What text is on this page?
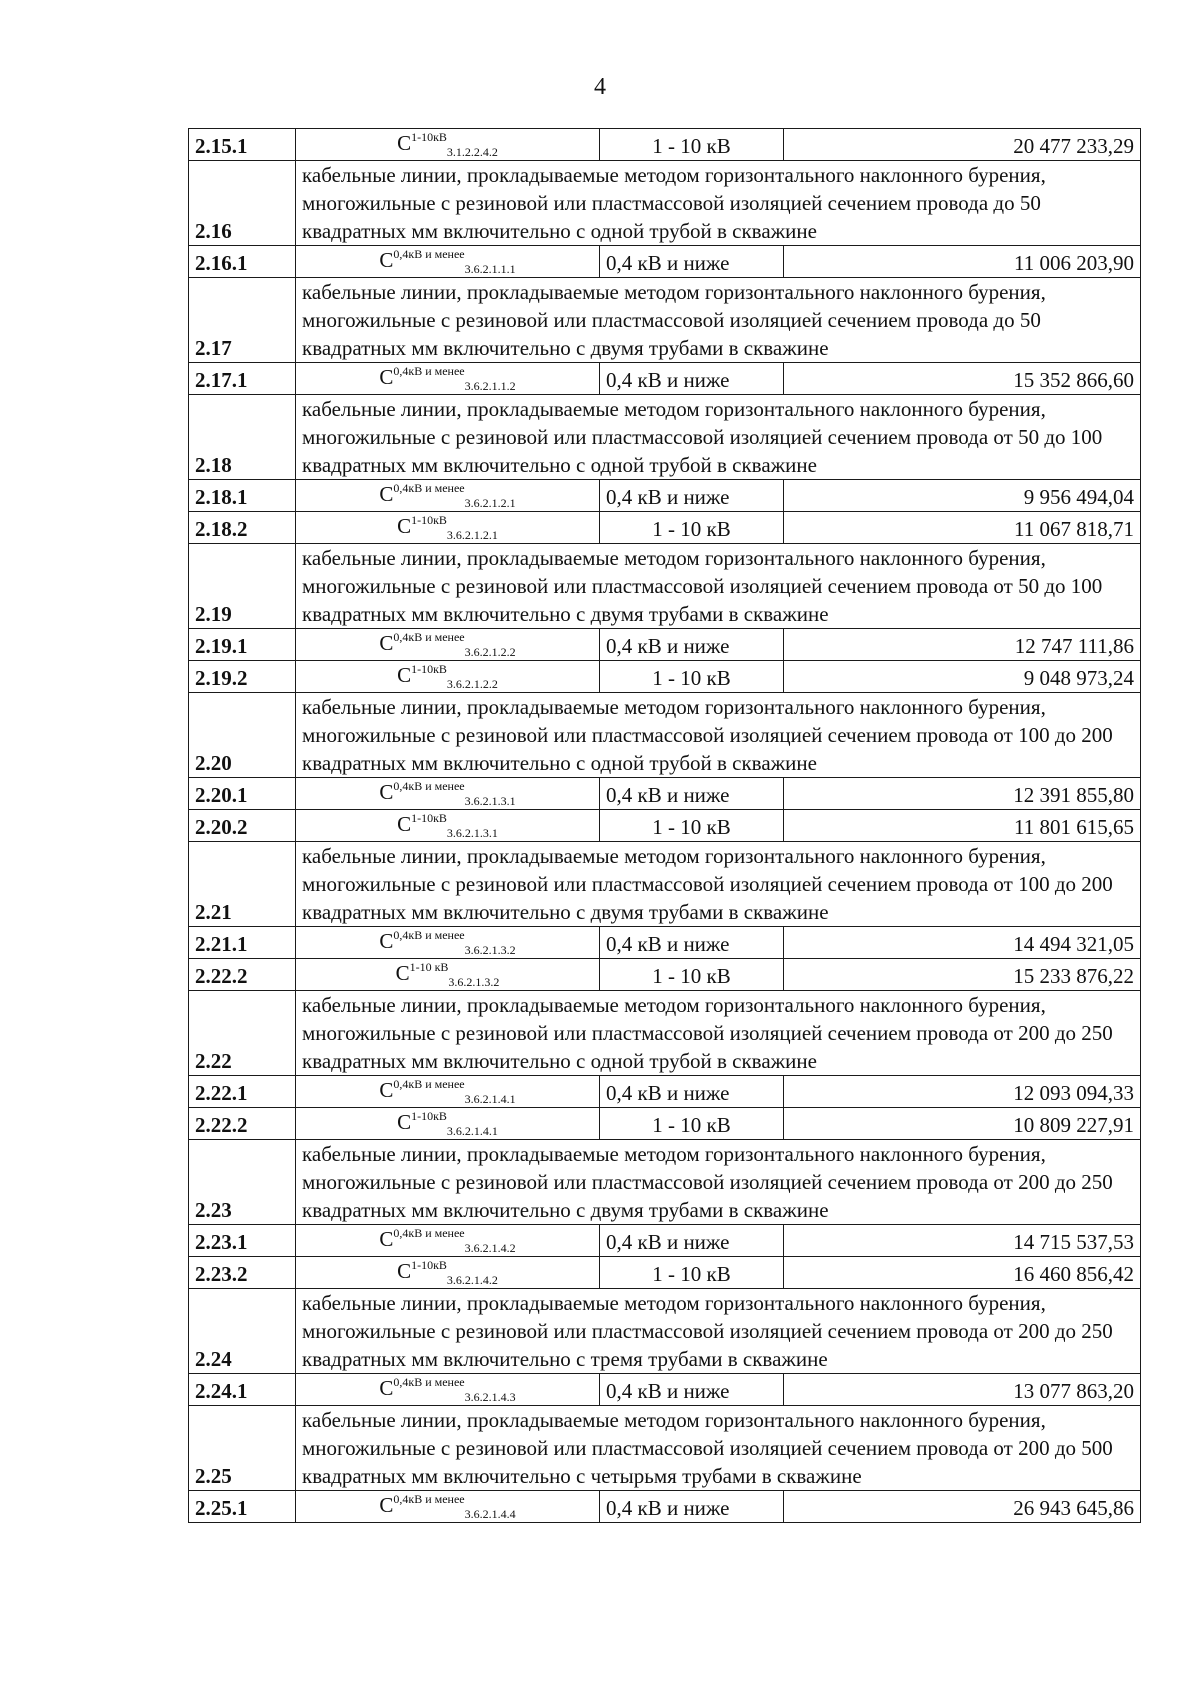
4
2.15.1	$C^{1-10кВ}_{3.1.2.2.4.2}$	1 - 10 кВ	20 477 233,29
2.16	кабельные линии, прокладываемые методом горизонтального наклонного бурения, многожильные с резиновой или пластмассовой изоляцией сечением провода до 50 квадратных мм включительно с одной трубой в скважине		
2.16.1	$C^{0,4кВ и менее}_{3.6.2.1.1.1}$	0,4 кВ и ниже	11 006 203,90
2.17	кабельные линии, прокладываемые методом горизонтального наклонного бурения, многожильные с резиновой или пластмассовой изоляцией сечением провода до 50 квадратных мм включительно с двумя трубами в скважине		
2.17.1	$C^{0,4кВ и менее}_{3.6.2.1.1.2}$	0,4 кВ и ниже	15 352 866,60
2.18	кабельные линии, прокладываемые методом горизонтального наклонного бурения, многожильные с резиновой или пластмассовой изоляцией сечением провода от 50 до 100 квадратных мм включительно с одной трубой в скважине		
2.18.1	$C^{0,4кВ и менее}_{3.6.2.1.2.1}$	0,4 кВ и ниже	9 956 494,04
2.18.2	$C^{1-10кВ}_{3.6.2.1.2.1}$	1 - 10 кВ	11 067 818,71
2.19	кабельные линии, прокладываемые методом горизонтального наклонного бурения, многожильные с резиновой или пластмассовой изоляцией сечением провода от 50 до 100 квадратных мм включительно с двумя трубами в скважине		
2.19.1	$C^{0,4кВ и менее}_{3.6.2.1.2.2}$	0,4 кВ и ниже	12 747 111,86
2.19.2	$C^{1-10кВ}_{3.6.2.1.2.2}$	1 - 10 кВ	9 048 973,24
2.20	кабельные линии, прокладываемые методом горизонтального наклонного бурения, многожильные с резиновой или пластмассовой изоляцией сечением провода от 100 до 200 квадратных мм включительно с одной трубой в скважине		
2.20.1	$C^{0,4кВ и менее}_{3.6.2.1.3.1}$	0,4 кВ и ниже	12 391 855,80
2.20.2	$C^{1-10кВ}_{3.6.2.1.3.1}$	1 - 10 кВ	11 801 615,65
2.21	кабельные линии, прокладываемые методом горизонтального наклонного бурения, многожильные с резиновой или пластмассовой изоляцией сечением провода от 100 до 200 квадратных мм включительно с двумя трубами в скважине		
2.21.1	$C^{0,4кВ и менее}_{3.6.2.1.3.2}$	0,4 кВ и ниже	14 494 321,05
2.22.2	$C^{1-10 кВ}_{3.6.2.1.3.2}$	1 - 10 кВ	15 233 876,22
2.22	кабельные линии, прокладываемые методом горизонтального наклонного бурения, многожильные с резиновой или пластмассовой изоляцией сечением провода от 200 до 250 квадратных мм включительно с одной трубой в скважине		
2.22.1	$C^{0,4кВ и менее}_{3.6.2.1.4.1}$	0,4 кВ и ниже	12 093 094,33
2.22.2	$C^{1-10кВ}_{3.6.2.1.4.1}$	1 - 10 кВ	10 809 227,91
2.23	кабельные линии, прокладываемые методом горизонтального наклонного бурения, многожильные с резиновой или пластмассовой изоляцией сечением провода от 200 до 250 квадратных мм включительно с двумя трубами в скважине		
2.23.1	$C^{0,4кВ и менее}_{3.6.2.1.4.2}$	0,4 кВ и ниже	14 715 537,53
2.23.2	$C^{1-10кВ}_{3.6.2.1.4.2}$	1 - 10 кВ	16 460 856,42
2.24	кабельные линии, прокладываемые методом горизонтального наклонного бурения, многожильные с резиновой или пластмассовой изоляцией сечением провода от 200 до 250 квадратных мм включительно с тремя трубами в скважине		
2.24.1	$C^{0,4кВ и менее}_{3.6.2.1.4.3}$	0,4 кВ и ниже	13 077 863,20
2.25	кабельные линии, прокладываемые методом горизонтального наклонного бурения, многожильные с резиновой или пластмассовой изоляцией сечением провода от 200 до 500 квадратных мм включительно с четырьмя трубами в скважине		
2.25.1	$C^{0,4кВ и менее}_{3.6.2.1.4.4}$	0,4 кВ и ниже	26 943 645,86
